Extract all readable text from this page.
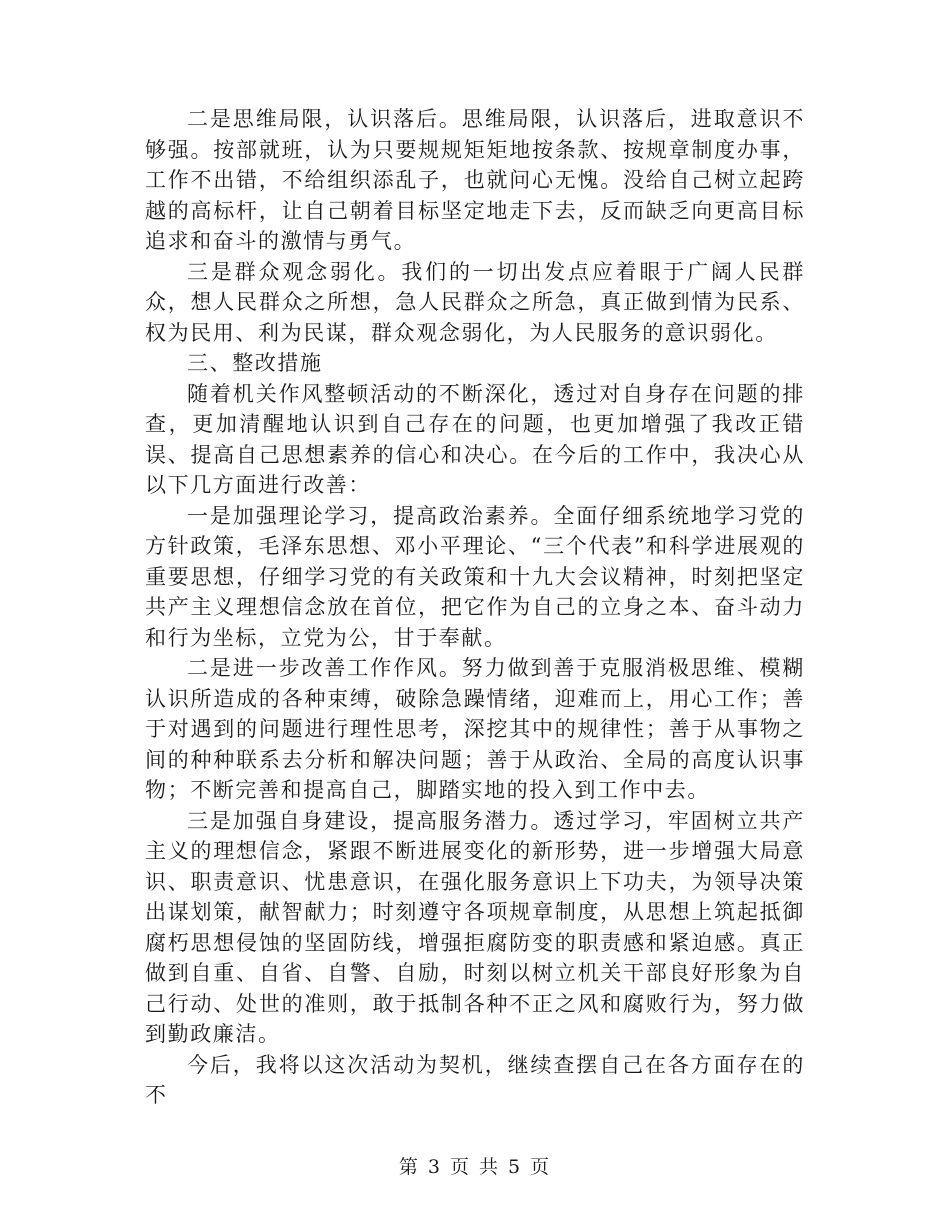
二是思维局限，认识落后。思维局限，认识落后，进取意识不够强。按部就班，认为只要规规矩矩地按条款、按规章制度办事，工作不出错，不给组织添乱子，也就问心无愧。没给自己树立起跨越的高标杆，让自己朝着目标坚定地走下去，反而缺乏向更高目标追求和奋斗的激情与勇气。

三是群众观念弱化。我们的一切出发点应着眼于广阔人民群众，想人民群众之所想，急人民群众之所急，真正做到情为民系、权为民用、利为民谋，群众观念弱化，为人民服务的意识弱化。

三、整改措施

随着机关作风整顿活动的不断深化，透过对自身存在问题的排查，更加清醒地认识到自己存在的问题，也更加增强了我改正错误、提高自己思想素养的信心和决心。在今后的工作中，我决心从以下几方面进行改善：

一是加强理论学习，提高政治素养。全面仔细系统地学习党的方针政策，毛泽东思想、邓小平理论、“三个代表”和科学进展观的重要思想，仔细学习党的有关政策和十九大会议精神，时刻把坚定共产主义理想信念放在首位，把它作为自己的立身之本、奋斗动力和行为坐标，立党为公，甘于奉献。

二是进一步改善工作作风。努力做到善于克服消极思维、模糊认识所造成的各种束缚，破除急躁情绪，迎难而上，用心工作；善于对遇到的问题进行理性思考，深挖其中的规律性；善于从事物之间的种种联系去分析和解决问题；善于从政治、全局的高度认识事物；不断完善和提高自己，脚踏实地的投入到工作中去。

三是加强自身建设，提高服务潜力。透过学习，牢固树立共产主义的理想信念，紧跟不断进展变化的新形势，进一步增强大局意识、职责意识、忧患意识，在强化服务意识上下功夫，为领导决策出谋划策，献智献力；时刻遵守各项规章制度，从思想上筑起抵御腐朽思想侵蚀的坚固防线，增强拒腐防变的职责感和紧迫感。真正做到自重、自省、自警、自励，时刻以树立机关干部良好形象为自己行动、处世的准则，敢于抵制各种不正之风和腐败行为，努力做到勤政廉洁。

今后，我将以这次活动为契机，继续查摆自己在各方面存在的不

第 3 页 共 5 页
